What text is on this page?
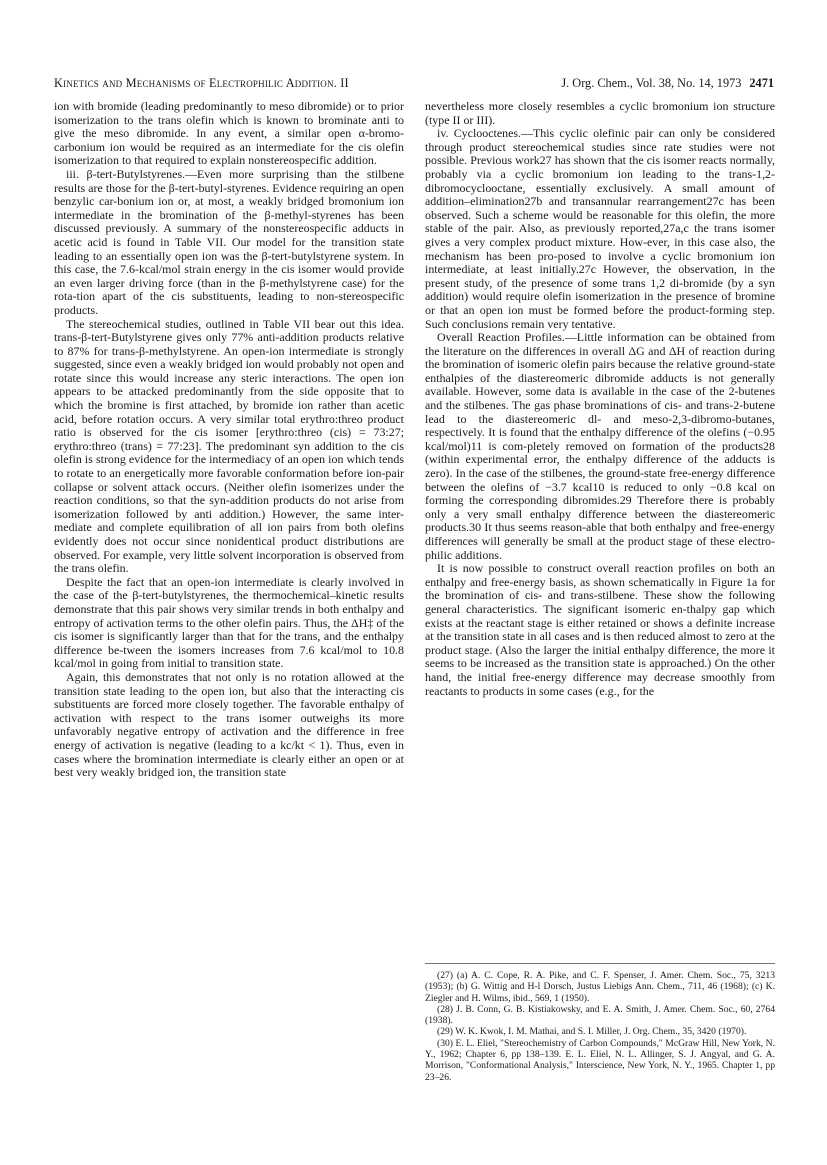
Kinetics and Mechanisms of Electrophilic Addition. II	J. Org. Chem., Vol. 38, No. 14, 1973 2471

ion with bromide (leading predominantly to meso dibromide) or to prior isomerization to the trans olefin which is known to brominate anti to give the meso dibromide. In any event, a similar open α-bromo-carbonium ion would be required as an intermediate for the cis olefin isomerization to that required to explain nonstereospecific addition.

iii. β-tert-Butylstyrenes.—Even more surprising than the stilbene results are those for the β-tert-butyl-styrenes. Evidence requiring an open benzylic car-bonium ion or, at most, a weakly bridged bromonium ion intermediate in the bromination of the β-methyl-styrenes has been discussed previously. A summary of the nonstereospecific adducts in acetic acid is found in Table VII. Our model for the transition state leading to an essentially open ion was the β-tert-butylstyrene system. In this case, the 7.6-kcal/mol strain energy in the cis isomer would provide an even larger driving force (than in the β-methylstyrene case) for the rota-tion apart of the cis substituents, leading to non-stereospecific products.

The stereochemical studies, outlined in Table VII bear out this idea. trans-β-tert-Butylstyrene gives only 77% anti-addition products relative to 87% for trans-β-methylstyrene. An open-ion intermediate is strongly suggested, since even a weakly bridged ion would probably not open and rotate since this would increase any steric interactions. The open ion appears to be attacked predominantly from the side opposite that to which the bromine is first attached, by bromide ion rather than acetic acid, before rotation occurs. A very similar total erythro:threo product ratio is observed for the cis isomer [erythro:threo (cis) = 73:27; erythro:threo (trans) = 77:23]. The predominant syn addition to the cis olefin is strong evidence for the intermediacy of an open ion which tends to rotate to an energetically more favorable conformation before ion-pair collapse or solvent attack occurs. (Neither olefin isomerizes under the reaction conditions, so that the syn-addition products do not arise from isomerization followed by anti addition.) However, the same inter-mediate and complete equilibration of all ion pairs from both olefins evidently does not occur since nonidentical product distributions are observed. For example, very little solvent incorporation is observed from the trans olefin.

Despite the fact that an open-ion intermediate is clearly involved in the case of the β-tert-butylstyrenes, the thermochemical–kinetic results demonstrate that this pair shows very similar trends in both enthalpy and entropy of activation terms to the other olefin pairs. Thus, the ΔH‡ of the cis isomer is significantly larger than that for the trans, and the enthalpy difference be-tween the isomers increases from 7.6 kcal/mol to 10.8 kcal/mol in going from initial to transition state.

Again, this demonstrates that not only is no rotation allowed at the transition state leading to the open ion, but also that the interacting cis substituents are forced more closely together. The favorable enthalpy of activation with respect to the trans isomer outweighs its more unfavorably negative entropy of activation and the difference in free energy of activation is negative (leading to a kc/kt < 1). Thus, even in cases where the bromination intermediate is clearly either an open or at best very weakly bridged ion, the transition state

nevertheless more closely resembles a cyclic bromonium ion structure (type II or III).

iv. Cyclooctenes.—This cyclic olefinic pair can only be considered through product stereochemical studies since rate studies were not possible. Previous work27 has shown that the cis isomer reacts normally, probably via a cyclic bromonium ion leading to the trans-1,2-dibromocyclooctane, essentially exclusively. A small amount of addition–elimination27b and transannular rearrangement27c has been observed. Such a scheme would be reasonable for this olefin, the more stable of the pair. Also, as previously reported,27a,c the trans isomer gives a very complex product mixture. How-ever, in this case also, the mechanism has been pro-posed to involve a cyclic bromonium ion intermediate, at least initially.27c However, the observation, in the present study, of the presence of some trans 1,2 di-bromide (by a syn addition) would require olefin isomerization in the presence of bromine or that an open ion must be formed before the product-forming step. Such conclusions remain very tentative.

Overall Reaction Profiles.—Little information can be obtained from the literature on the differences in overall ΔG and ΔH of reaction during the bromination of isomeric olefin pairs because the relative ground-state enthalpies of the diastereomeric dibromide adducts is not generally available. However, some data is available in the case of the 2-butenes and the stilbenes. The gas phase brominations of cis- and trans-2-butene lead to the diastereomeric dl- and meso-2,3-dibromo-butanes, respectively. It is found that the enthalpy difference of the olefins (−0.95 kcal/mol)11 is com-pletely removed on formation of the products28 (within experimental error, the enthalpy difference of the adducts is zero). In the case of the stilbenes, the ground-state free-energy difference between the olefins of −3.7 kcal10 is reduced to only −0.8 kcal on forming the corresponding dibromides.29 Therefore there is probably only a very small enthalpy difference between the diastereomeric products.30 It thus seems reason-able that both enthalpy and free-energy differences will generally be small at the product stage of these electro-philic additions.

It is now possible to construct overall reaction profiles on both an enthalpy and free-energy basis, as shown schematically in Figure 1a for the bromination of cis- and trans-stilbene. These show the following general characteristics. The significant isomeric en-thalpy gap which exists at the reactant stage is either retained or shows a definite increase at the transition state in all cases and is then reduced almost to zero at the product stage. (Also the larger the initial enthalpy difference, the more it seems to be increased as the transition state is approached.) On the other hand, the initial free-energy difference may decrease smoothly from reactants to products in some cases (e.g., for the

(27) (a) A. C. Cope, R. A. Pike, and C. F. Spenser, J. Amer. Chem. Soc., 75, 3213 (1953); (b) G. Wittig and H-l Dorsch, Justus Liebigs Ann. Chem., 711, 46 (1968); (c) K. Ziegler and H. Wilms, ibid., 569, 1 (1950).

(28) J. B. Conn, G. B. Kistiakowsky, and E. A. Smith, J. Amer. Chem. Soc., 60, 2764 (1938).

(29) W. K. Kwok, I. M. Mathai, and S. I. Miller, J. Org. Chem., 35, 3420 (1970).

(30) E. L. Eliel, "Stereochemistry of Carbon Compounds," McGraw Hill, New York, N. Y., 1962; Chapter 6, pp 138–139. E. L. Eliel, N. L. Allinger, S. J. Angyal, and G. A. Morrison, "Conformational Analysis," Interscience, New York, N. Y., 1965. Chapter 1, pp 23–26.
